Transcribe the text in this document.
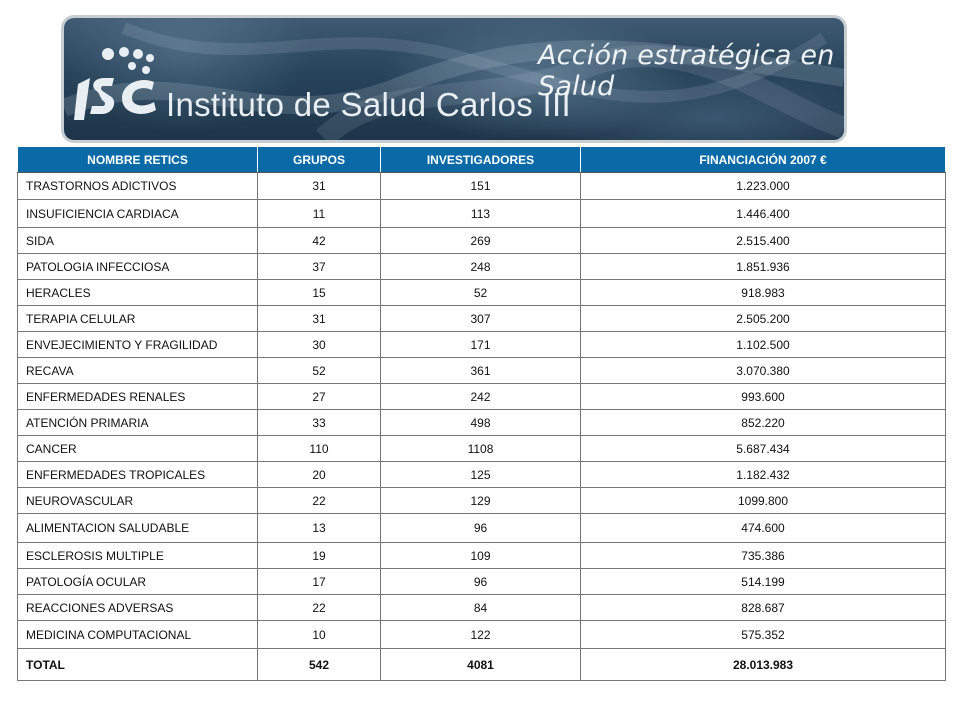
Instituto de Salud Carlos III
Acción estratégica en Salud
NOMBRE RETICS	GRUPOS	INVESTIGADORES	FINANCIACIÓN 2007 €
TRASTORNOS ADICTIVOS	31	151	1.223.000
INSUFICIENCIA CARDIACA	11	113	1.446.400
SIDA	42	269	2.515.400
PATOLOGIA INFECCIOSA	37	248	1.851.936
HERACLES	15	52	918.983
TERAPIA CELULAR	31	307	2.505.200
ENVEJECIMIENTO Y FRAGILIDAD	30	171	1.102.500
RECAVA	52	361	3.070.380
ENFERMEDADES RENALES	27	242	993.600
ATENCIÓN PRIMARIA	33	498	852.220
CANCER	110	1108	5.687.434
ENFERMEDADES TROPICALES	20	125	1.182.432
NEUROVASCULAR	22	129	1099.800
ALIMENTACION SALUDABLE	13	96	474.600
ESCLEROSIS MULTIPLE	19	109	735.386
PATOLOGÍA OCULAR	17	96	514.199
REACCIONES ADVERSAS	22	84	828.687
MEDICINA COMPUTACIONAL	10	122	575.352
TOTAL	542	4081	28.013.983
